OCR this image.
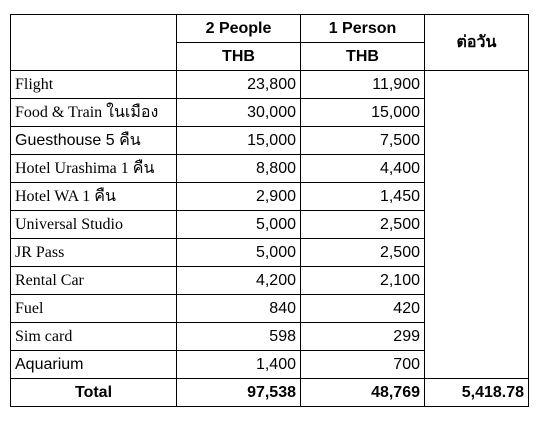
	2 People	1 Person	ต่อวัน
	THB	THB	
Flight	23,800	11,900	
Food & Train ในเมือง	30,000	15,000	
Guesthouse 5 คืน	15,000	7,500	
Hotel Urashima 1 คืน	8,800	4,400	
Hotel WA 1 คืน	2,900	1,450	
Universal Studio	5,000	2,500	
JR Pass	5,000	2,500	
Rental Car	4,200	2,100	
Fuel	840	420	
Sim card	598	299	
Aquarium	1,400	700	
Total	97,538	48,769	5,418.78
